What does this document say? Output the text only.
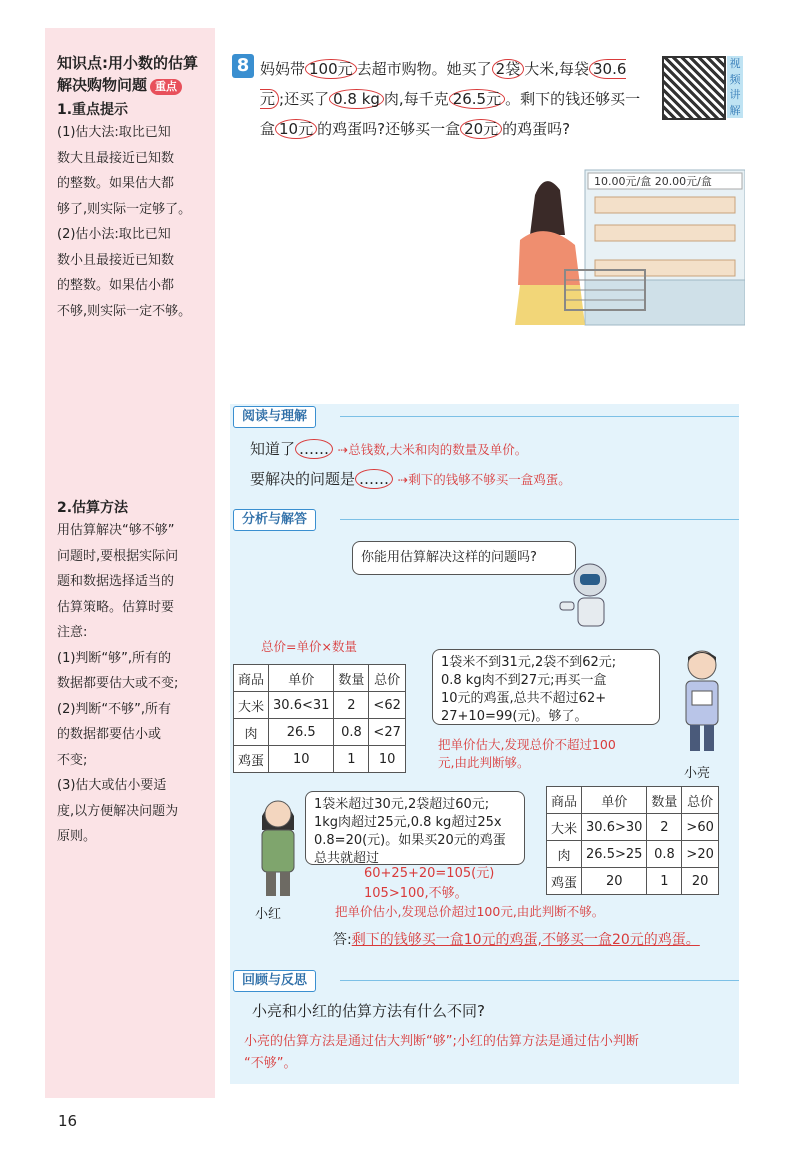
知识点:用小数的估算
解决购物问题 重点
1.重点提示
(1)估大法:取比已知
数大且最接近已知数
的整数。如果估大都
够了,则实际一定够了。
(2)估小法:取比已知
数小且最接近已知数
的整数。如果估小都
不够,则实际一定不够。
2.估算方法
用估算解决“够不够”
问题时,要根据实际问
题和数据选择适当的
估算策略。估算时要
注意:
(1)判断“够”,所有的
数据都要估大或不变;
(2)判断“不够”,所有
的数据都要估小或
不变;
(3)估大或估小要适
度,以方便解决问题为
原则。
8 妈妈带 100元 去超市购物。她买了 2袋 大米,每袋 30.6元 ;还买了 0.8 kg 肉,每千克 26.5元 。剩下的钱还够买一盒 10元 的鸡蛋吗?还够买一盒 20元 的鸡蛋吗?
视频讲解
10.00元/盒 20.00元/盒
阅读与理解
知道了 …… ⇢总钱数,大米和肉的数量及单价。
要解决的问题是 …… ⇢剩下的钱够不够买一盒鸡蛋。
分析与解答
你能用估算解决这样的问题吗?
总价=单价×数量
商品	单价	数量	总价
大米	30.6<31	2	<62
肉	26.5	0.8	<27
鸡蛋	10	1	10
1袋米不到31元,2袋不到62元;
0.8 kg肉不到27元;再买一盒
10元的鸡蛋,总共不超过62+
27+10=99(元)。够了。
把单价估大,发现总价不超过100
元,由此判断够。
小亮
1袋米超过30元,2袋超过60元;
1kg肉超过25元,0.8 kg超过25x
0.8=20(元)。如果买20元的鸡蛋
总共就超过
60+25+20=105(元)
105>100,不够。
商品	单价	数量	总价
大米	30.6>30	2	>60
肉	26.5>25	0.8	>20
鸡蛋	20	1	20
小红	把单价估小,发现总价超过100元,由此判断不够。
答:剩下的钱够买一盒10元的鸡蛋,不够买一盒20元的鸡蛋。
回顾与反思
小亮和小红的估算方法有什么不同?
小亮的估算方法是通过估大判断“够”;小红的估算方法是通过估小判断
“不够”。
16
